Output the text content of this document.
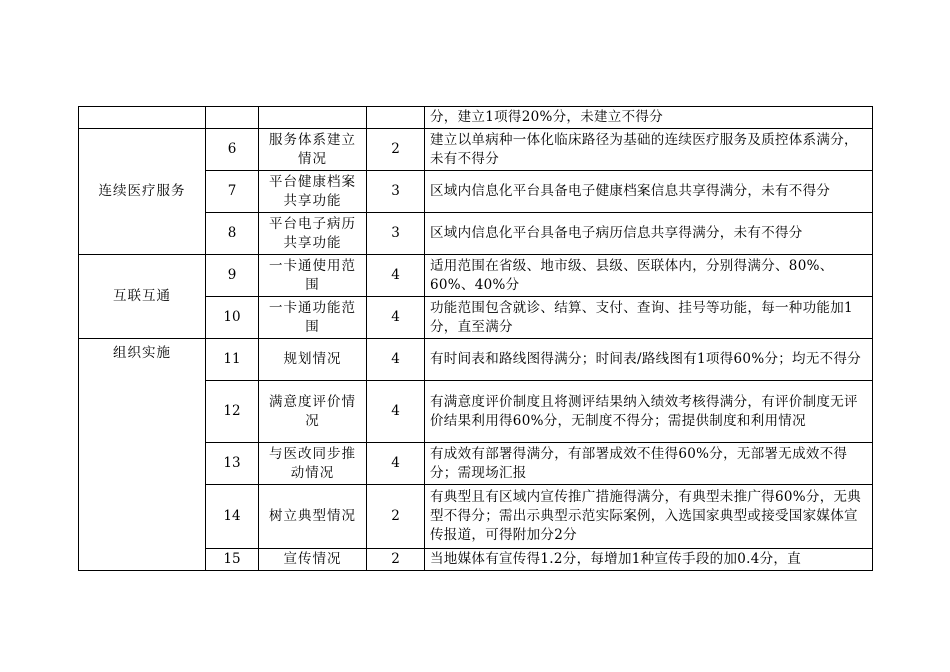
				分，建立1项得20%分，未建立不得分
连续医疗服务	6	服务体系建立情况	2	建立以单病种一体化临床路径为基础的连续医疗服务及质控体系满分，未有不得分
	7	平台健康档案共享功能	3	区域内信息化平台具备电子健康档案信息共享得满分，未有不得分
	8	平台电子病历共享功能	3	区域内信息化平台具备电子病历信息共享得满分，未有不得分
互联互通	9	一卡通使用范围	4	适用范围在省级、地市级、县级、医联体内，分别得满分、80%、60%、40%分
	10	一卡通功能范围	4	功能范围包含就诊、结算、支付、查询、挂号等功能，每一种功能加1分，直至满分
组织实施	11	规划情况	4	有时间表和路线图得满分；时间表/路线图有1项得60%分；均无不得分
	12	满意度评价情况	4	有满意度评价制度且将测评结果纳入绩效考核得满分，有评价制度无评价结果利用得60%分，无制度不得分；需提供制度和利用情况
	13	与医改同步推动情况	4	有成效有部署得满分，有部署成效不佳得60%分，无部署无成效不得分；需现场汇报
	14	树立典型情况	2	有典型且有区域内宣传推广措施得满分，有典型未推广得60%分，无典型不得分；需出示典型示范实际案例，入选国家典型或接受国家媒体宣传报道，可得附加分2分
	15	宣传情况	2	当地媒体有宣传得1.2分，每增加1种宣传手段的加0.4分，直
